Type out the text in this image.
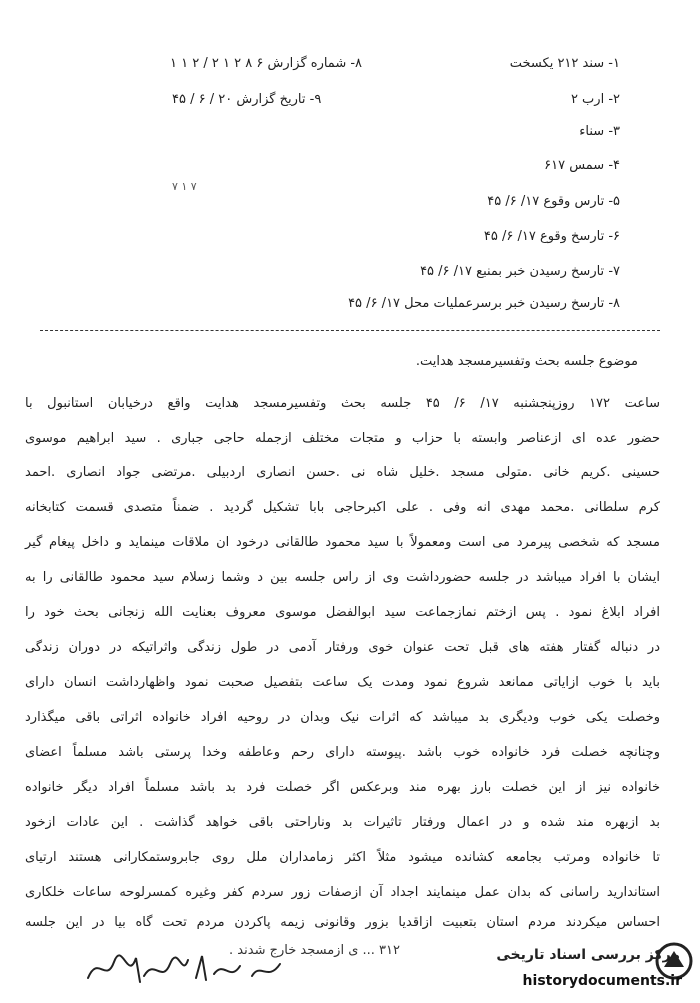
۱- سند ۲۱۲ یکسخت
۲- ارب ۲
۳- سناء
۴- سمس ۶۱۷
۵- تارس وقوع ۱۷/ ۶/ ۴۵
۶- تارسخ وقوع ۱۷/ ۶/ ۴۵
۷- تارسخ رسیدن خبر بمنبع ۱۷/ ۶/ ۴۵
۸- تارسخ رسیدن خبر برسرعملیات محل ۱۷/ ۶/ ۴۵
۸- شماره گزارش ۶ ۸ ۲ ۱ ۲ / ۲ ۱ ۱
۹- تاریخ گزارش ۲۰ / ۶ / ۴۵
۷ ۱ ۷
موضوع جلسه بحث وتفسیرمسجد هدایت.
ساعت ۱۷۲ روزپنجشنبه ۱۷/ ۶/ ۴۵ جلسه بحث وتفسیرمسجد هدایت واقع درخیابان استانبول با
حضور عده ای ازعناصر وابسته با حزاب و متجات مختلف ازجمله حاجی جباری . سید ابراهیم موسوی
حسینی .کریم خانی .متولی مسجد .خلیل شاه نی .حسن انصاری اردبیلی .مرتضی جواد انصاری .احمد
کرم سلطانی .محمد مهدی انه وفی . علی اکبرحاجی بابا تشکیل گردید . ضمناً متصدی قسمت کتابخانه
مسجد که شخصی پیرمرد می است ومعمولاً با سید محمود طالقانی درخود ان ملاقات مینماید و داخل پیغام گیر
ایشان با افراد میباشد در جلسه حضورداشت وی از راس جلسه بین د وشما زسلام سید محمود طالقانی را به
افراد ابلاغ نمود . پس ازختم نمازجماعت سید ابوالفضل موسوی معروف بعنایت الله زنجانی بحث خود را
در دنباله گفتار هفته های قبل تحت عنوان خوی ورفتار آدمی در طول زندگی واثراتیکه در دوران زندگی
باید با خوب ازایاتی ممانعد شروع نمود ومدت یک ساعت بتفصیل صحبت نمود واظهارداشت انسان دارای
وخصلت یکی خوب ودیگری بد میباشد که اثرات نیک وبدان در روحیه افراد خانواده اثراتی باقی میگذارد
وچنانچه خصلت فرد خانواده خوب باشد .پیوسته دارای رحم وعاطفه وخدا پرستی باشد مسلماً اعضای
خانواده نیز از این خصلت بارز بهره مند وبرعکس اگر خصلت فرد بد باشد مسلماً افراد دیگر خانواده
بد ازبهره مند شده و در اعمال ورفتار تاثیرات بد وناراحتی باقی خواهد گذاشت . این عادات ازخود
تا خانواده ومرتب بجامعه کشانده میشود مثلاً اکثر زمامداران ملل روی جابروستمکارانی هستند ارتیای
استاندارید راسانی که بدان عمل مینمایند اجداد آن ازصفات زور سردم کفر وغیره کمسرلوحه ساعات خلکاری
احساس میکردند مردم استان بتعبیت ازاقدیا بزور وقانونی زیمه پاکردن مردم تحت گاه بیا در این جلسه
۳۱۲ ... ی ازمسجد خارج شدند .	مرکز بررسی اسناد تاریخی
historydocuments.ir
